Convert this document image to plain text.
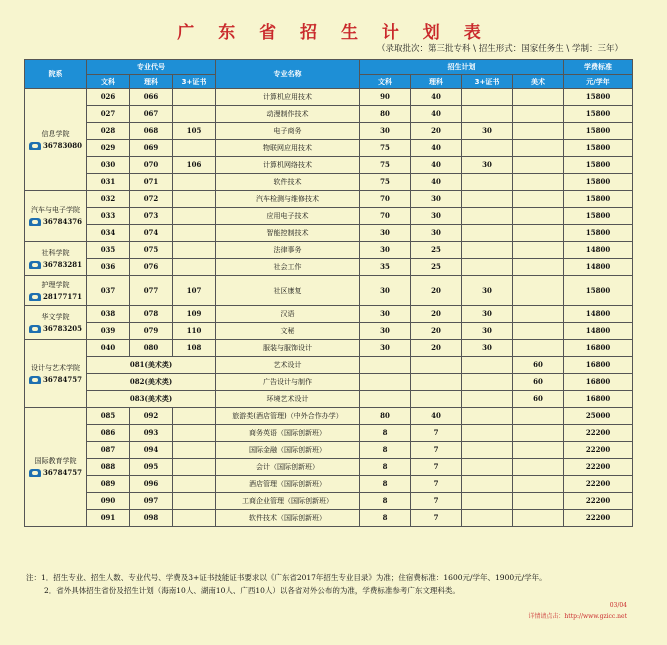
广 东 省 招 生 计 划 表
（录取批次：第三批专科 \ 招生形式：国家任务生 \ 学制：三年）
院系	专业代号			专业名称	招生计划				学费标准
	文科	理科	3+证书		文科	理科	3+证书	美术	元/学年

信息学院
36783080	026	066		计算机应用技术	90	40			15800
	027	067		动漫制作技术	80	40			15800
	028	068	105	电子商务	30	20	30		15800
	029	069		物联网应用技术	75	40			15800
	030	070	106	计算机网络技术	75	40	30		15800
	031	071		软件技术	75	40			15800

汽车与电子学院
36784376	032	072		汽车检测与维修技术	70	30			15800
	033	073		应用电子技术	70	30			15800
	034	074		智能控制技术	30	30			15800

社科学院
36783281	035	075		法律事务	30	25			14800
	036	076		社会工作	35	25			14800

护理学院
28177171	037	077	107	社区康复	30	20	30		15800

华文学院
36783205	038	078	109	汉语	30	20	30		14800
	039	079	110	文秘	30	20	30		14800

设计与艺术学院
36784757	040	080	108	服装与服饰设计	30	20	30		16800
	081(美术类)			艺术设计				60	16800
	082(美术类)			广告设计与制作				60	16800
	083(美术类)			环境艺术设计				60	16800

国际教育学院
36784757	085	092		旅游类(酒店管理)（中外合作办学）	80	40			25000
	086	093		商务英语（国际创新班）	8	7			22200
	087	094		国际金融（国际创新班）	8	7			22200
	088	095		会计（国际创新班）	8	7			22200
	089	096		酒店管理（国际创新班）	8	7			22200
	090	097		工商企业管理（国际创新班）	8	7			22200
	091	098		软件技术（国际创新班）	8	7			22200

注：1．招生专业、招生人数、专业代号、学费及3+证书技能证书要求以《广东省2017年招生专业目录》为准；住宿费标准：1600元/学年、1900元/学年。

2．省外具体招生省份及招生计划（海南10人、湖南10人、广西10人）以各省对外公布的为准，学费标准参考广东文理科类。

03/04
详情请点击：http://www.gzicc.net
